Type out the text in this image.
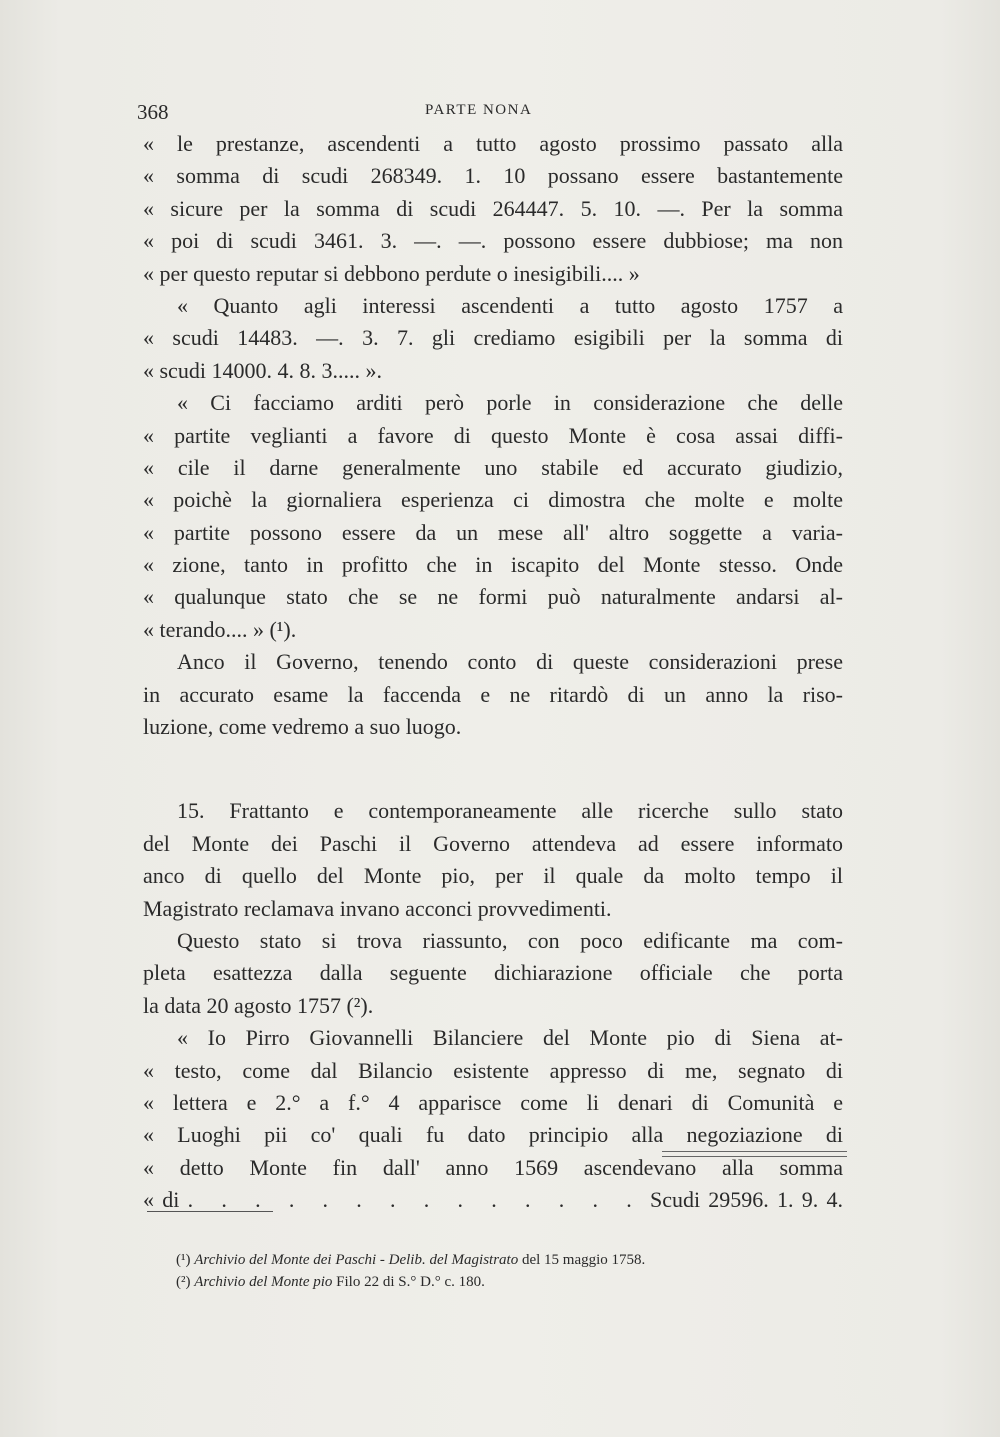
368	PARTE NONA
« le prestanze, ascendenti a tutto agosto prossimo passato alla
« somma di scudi 268349. 1. 10 possano essere bastantemente
« sicure per la somma di scudi 264447. 5. 10. —. Per la somma
« poi di scudi 3461. 3. —. —. possono essere dubbiose; ma non
« per questo reputar si debbono perdute o inesigibili.... »
« Quanto agli interessi ascendenti a tutto agosto 1757 a
« scudi 14483. —. 3. 7. gli crediamo esigibili per la somma di
« scudi 14000. 4. 8. 3..... ».
« Ci facciamo arditi però porle in considerazione che delle
« partite veglianti a favore di questo Monte è cosa assai diffi-
« cile il darne generalmente uno stabile ed accurato giudizio,
« poichè la giornaliera esperienza ci dimostra che molte e molte
« partite possono essere da un mese all' altro soggette a varia-
« zione, tanto in profitto che in iscapito del Monte stesso. Onde
« qualunque stato che se ne formi può naturalmente andarsi al-
« terando.... » (¹).
Anco il Governo, tenendo conto di queste considerazioni prese
in accurato esame la faccenda e ne ritardò di un anno la riso-
luzione, come vedremo a suo luogo.
15. Frattanto e contemporaneamente alle ricerche sullo stato
del Monte dei Paschi il Governo attendeva ad essere informato
anco di quello del Monte pio, per il quale da molto tempo il
Magistrato reclamava invano acconci provvedimenti.
Questo stato si trova riassunto, con poco edificante ma com-
pleta esattezza dalla seguente dichiarazione officiale che porta
la data 20 agosto 1757 (²).
« Io Pirro Giovannelli Bilanciere del Monte pio di Siena at-
« testo, come dal Bilancio esistente appresso di me, segnato di
« lettera e 2.° a f.° 4 apparisce come li denari di Comunità e
« Luoghi pii co' quali fu dato principio alla negoziazione di
« detto Monte fin dall' anno 1569 ascendevano alla somma
« di . . . . . . . . . . . . . . Scudi 29596. 1. 9. 4.
(¹) Archivio del Monte dei Paschi - Delib. del Magistrato del 15 maggio 1758.
(²) Archivio del Monte pio Filo 22 di S.° D.° c. 180.
